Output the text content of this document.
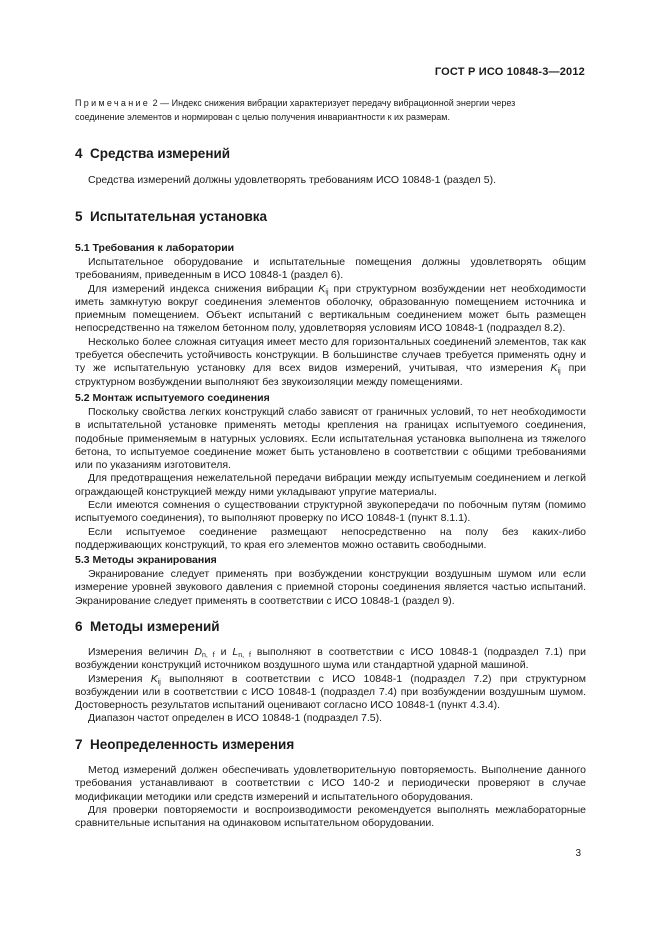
ГОСТ Р ИСО 10848-3—2012
Примечание 2 — Индекс снижения вибрации характеризует передачу вибрационной энергии через
соединение элементов и нормирован с целью получения инвариантности к их размерам.
4 Средства измерений

Средства измерений должны удовлетворять требованиям ИСО 10848-1 (раздел 5).

5 Испытательная установка
5.1 Требования к лаборатории

Испытательное оборудование и испытательные помещения должны удовлетворять общим требованиям, приведенным в ИСО 10848-1 (раздел 6).

Для измерений индекса снижения вибрации $K_{ij}$ при структурном возбуждении нет необходимости иметь замкнутую вокруг соединения элементов оболочку, образованную помещением источника и приемным помещением. Объект испытаний с вертикальным соединением может быть размещен непосредственно на тяжелом бетонном полу, удовлетворяя условиям ИСО 10848-1 (подраздел 8.2).

Несколько более сложная ситуация имеет место для горизонтальных соединений элементов, так как требуется обеспечить устойчивость конструкции. В большинстве случаев требуется применять одну и ту же испытательную установку для всех видов измерений, учитывая, что измерения $K_{ij}$ при структурном возбуждении выполняют без звукоизоляции между помещениями.

5.2 Монтаж испытуемого соединения

Поскольку свойства легких конструкций слабо зависят от граничных условий, то нет необходимости в испытательной установке применять методы крепления на границах испытуемого соединения, подобные применяемым в натурных условиях. Если испытательная установка выполнена из тяжелого бетона, то испытуемое соединение может быть установлено в соответствии с общими требованиями или по указаниям изготовителя.

Для предотвращения нежелательной передачи вибрации между испытуемым соединением и легкой ограждающей конструкцией между ними укладывают упругие материалы.

Если имеются сомнения о существовании структурной звукопередачи по побочным путям (помимо испытуемого соединения), то выполняют проверку по ИСО 10848-1 (пункт 8.1.1).

Если испытуемое соединение размещают непосредственно на полу без каких-либо поддерживающих конструкций, то края его элементов можно оставить свободными.

5.3 Методы экранирования

Экранирование следует применять при возбуждении конструкции воздушным шумом или если измерение уровней звукового давления с приемной стороны соединения является частью испытаний. Экранирование следует применять в соответствии с ИСО 10848-1 (раздел 9).

6 Методы измерений

Измерения величин $D_{n, f}$ и $L_{n, f}$ выполняют в соответствии с ИСО 10848-1 (подраздел 7.1) при возбуждении конструкций источником воздушного шума или стандартной ударной машиной.

Измерения $K_{ij}$ выполняют в соответствии с ИСО 10848-1 (подраздел 7.2) при структурном возбуждении или в соответствии с ИСО 10848-1 (подраздел 7.4) при возбуждении воздушным шумом. Достоверность результатов испытаний оценивают согласно ИСО 10848-1 (пункт 4.3.4).

Диапазон частот определен в ИСО 10848-1 (подраздел 7.5).

7 Неопределенность измерения

Метод измерений должен обеспечивать удовлетворительную повторяемость. Выполнение данного требования устанавливают в соответствии с ИСО 140-2 и периодически проверяют в случае модификации методики или средств измерений и испытательного оборудования.

Для проверки повторяемости и воспроизводимости рекомендуется выполнять межлабораторные сравнительные испытания на одинаковом испытательном оборудовании.

3
